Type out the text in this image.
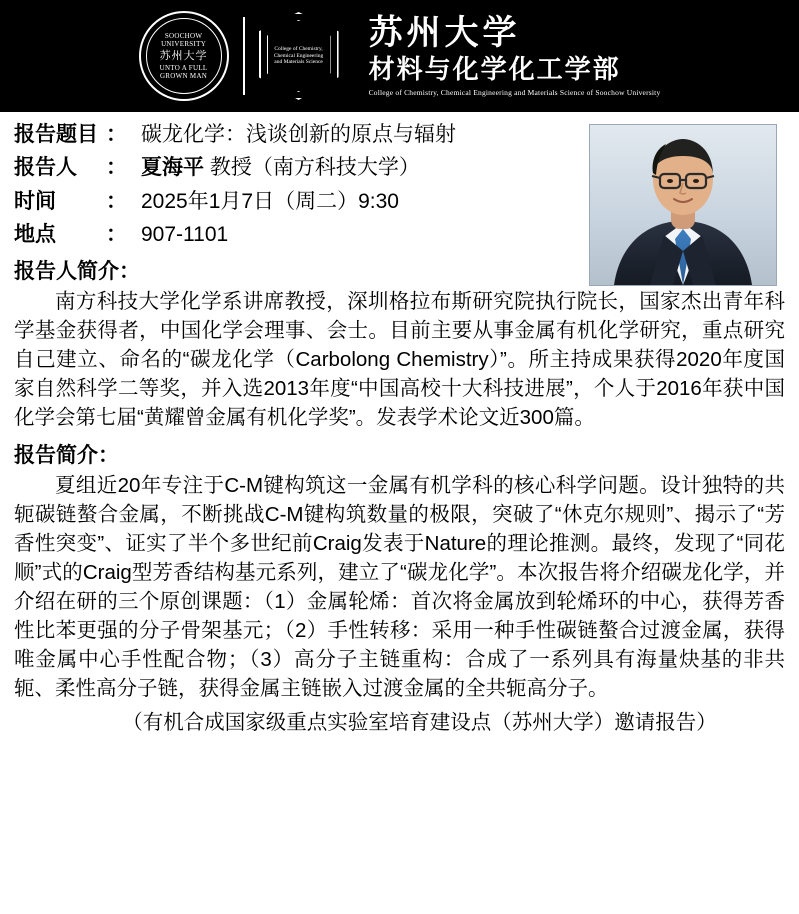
SOOCHOW UNIVERSITY
苏州大学
UNTO A FULL GROWN MAN
College of Chemistry, Chemical Engineering and Materials Science
苏州大学
材料与化学化工学部
College of Chemistry, Chemical Engineering and Materials Science of Soochow University
报告题目 ： 碳龙化学：浅谈创新的原点与辐射
报告人	： 夏海平 教授（南方科技大学）
时间	： 2025年1月7日（周二）9:30
地点	： 907-1101
报告人简介：

南方科技大学化学系讲席教授，深圳格拉布斯研究院执行院长，国家杰出青年科学基金获得者，中国化学会理事、会士。目前主要从事金属有机化学研究，重点研究自己建立、命名的“碳龙化学（Carbolong Chemistry）”。所主持成果获得2020年度国家自然科学二等奖，并入选2013年度“中国高校十大科技进展”，个人于2016年获中国化学会第七届“黄耀曾金属有机化学奖”。发表学术论文近300篇。

报告简介：

夏组近20年专注于C-M键构筑这一金属有机学科的核心科学问题。设计独特的共轭碳链螯合金属，不断挑战C-M键构筑数量的极限，突破了“休克尔规则”、揭示了“芳香性突变”、证实了半个多世纪前Craig发表于Nature的理论推测。最终，发现了“同花顺”式的Craig型芳香结构基元系列，建立了“碳龙化学”。本次报告将介绍碳龙化学，并介绍在研的三个原创课题：（1）金属轮烯：首次将金属放到轮烯环的中心，获得芳香性比苯更强的分子骨架基元；（2）手性转移：采用一种手性碳链螯合过渡金属，获得唯金属中心手性配合物；（3）高分子主链重构：合成了一系列具有海量炔基的非共轭、柔性高分子链，获得金属主链嵌入过渡金属的全共轭高分子。

（有机合成国家级重点实验室培育建设点（苏州大学）邀请报告）
